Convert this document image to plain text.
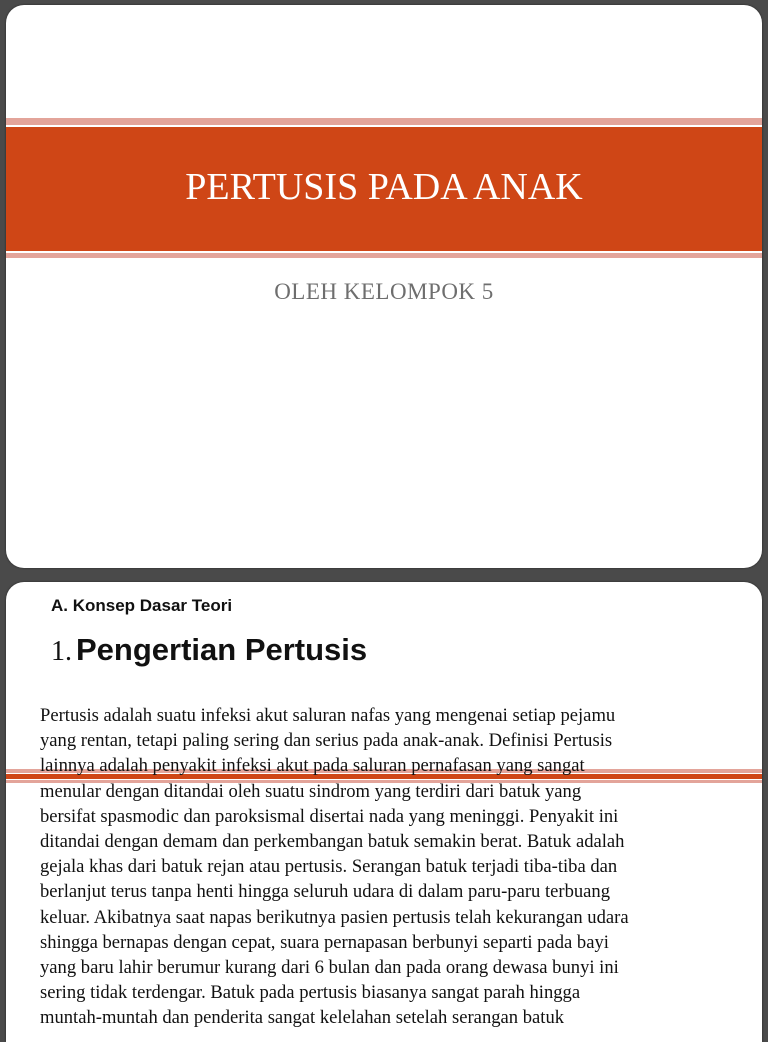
PERTUSIS PADA ANAK
OLEH KELOMPOK 5
A. Konsep Dasar Teori
1. Pengertian Pertusis
Pertusis adalah suatu infeksi akut saluran nafas yang mengenai setiap pejamu
yang rentan, tetapi paling sering dan serius pada anak-anak. Definisi Pertusis
lainnya adalah penyakit infeksi akut pada saluran pernafasan yang sangat
menular dengan ditandai oleh suatu sindrom yang terdiri dari batuk yang
bersifat spasmodic dan paroksismal disertai nada yang meninggi. Penyakit ini
ditandai dengan demam dan perkembangan batuk semakin berat. Batuk adalah
gejala khas dari batuk rejan atau pertusis. Serangan batuk terjadi tiba-tiba dan
berlanjut terus tanpa henti hingga seluruh udara di dalam paru-paru terbuang
keluar. Akibatnya saat napas berikutnya pasien pertusis telah kekurangan udara
shingga bernapas dengan cepat, suara pernapasan berbunyi separti pada bayi
yang baru lahir berumur kurang dari 6 bulan dan pada orang dewasa bunyi ini
sering tidak terdengar. Batuk pada pertusis biasanya sangat parah hingga
muntah-muntah dan penderita sangat kelelahan setelah serangan batuk
